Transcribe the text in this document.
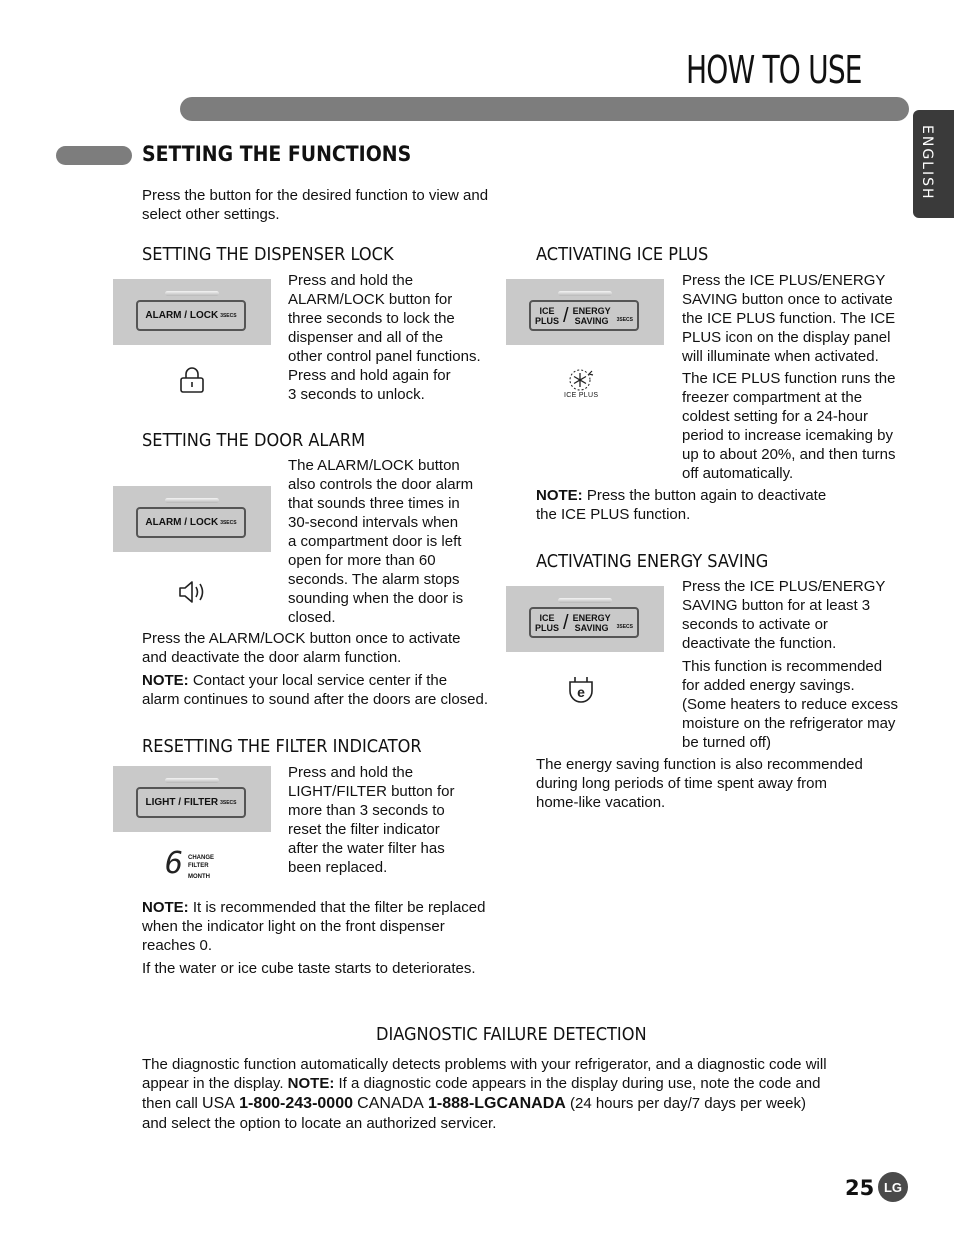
HOW TO USE
ENGLISH
SETTING THE FUNCTIONS
Press the button for the desired function to view and
select other settings.
SETTING THE DISPENSER LOCK
ALARM / LOCK 3SECS
Press and hold the
ALARM/LOCK button for
three seconds to lock the
dispenser and all of the
other control panel functions.
Press and hold again for
3 seconds to unlock.
SETTING THE DOOR ALARM
ALARM / LOCK 3SECS
The ALARM/LOCK button
also controls the door alarm
that sounds three times in
30-second intervals when
a compartment door is left
open for more than 60
seconds. The alarm stops
sounding when the door is
closed.
Press the ALARM/LOCK button once to activate
and deactivate the door alarm function.
NOTE: Contact your local service center if the
alarm continues to sound after the doors are closed.
RESETTING THE FILTER INDICATOR
LIGHT / FILTER 3SECS
6 CHANGE
FILTER
MONTH
Press and hold the
LIGHT/FILTER button for
more than 3 seconds to
reset the filter indicator
after the water filter has
been replaced.
NOTE: It is recommended that the filter be replaced
when the indicator light on the front dispenser
reaches 0.
If the water or ice cube taste starts to deteriorates.
ACTIVATING ICE PLUS
ICE
PLUS / ENERGY
SAVING 3SECS
ICE PLUS
Press the ICE PLUS/ENERGY
SAVING button once to activate
the ICE PLUS function. The ICE
PLUS icon on the display panel
will illuminate when activated.
The ICE PLUS function runs the
freezer compartment at the
coldest setting for a 24-hour
period to increase icemaking by
up to about 20%, and then turns
off automatically.
NOTE: Press the button again to deactivate
the ICE PLUS function.
ACTIVATING ENERGY SAVING
ICE
PLUS / ENERGY
SAVING 3SECS
e
Press the ICE PLUS/ENERGY
SAVING button for at least 3
seconds to activate or
deactivate the function.
This function is recommended
for added energy savings.
(Some heaters to reduce excess
moisture on the refrigerator may
be turned off)
The energy saving function is also recommended
during long periods of time spent away from
home-like vacation.
DIAGNOSTIC FAILURE DETECTION
The diagnostic function automatically detects problems with your refrigerator, and a diagnostic code will
appear in the display. NOTE: If a diagnostic code appears in the display during use, note the code and
then call USA 1-800-243-0000 CANADA 1-888-LGCANADA (24 hours per day/7 days per week)
and select the option to locate an authorized servicer.
25 LG
